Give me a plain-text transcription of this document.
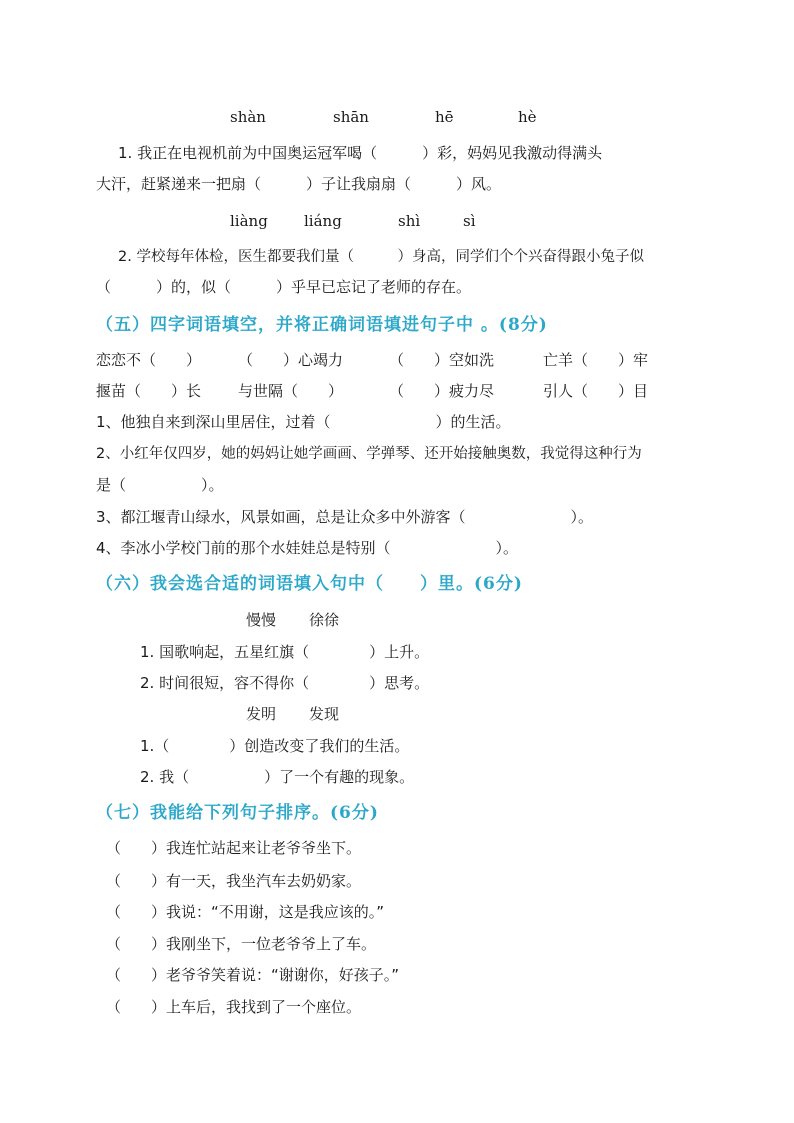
shàn	shān	hē	hè
1. 我正在电视机前为中国奥运冠军喝（　　　）彩，妈妈见我激动得满头
大汗，赶紧递来一把扇（　　　）子让我扇扇（　　　）风。
liàng liáng	shì	sì
2. 学校每年体检，医生都要我们量（　　　）身高，同学们个个兴奋得跟小兔子似
（　　　）的，似（　　　）乎早已忘记了老师的存在。
（五）四字词语填空，并将正确词语填进句子中 。(8分)
恋恋不（　　） （　　）心竭力	（　　）空如洗	亡羊（　　）牢
揠苗（　　）长 与世隔（　　）	（　　）疲力尽	引人（　　）目
1、他独自来到深山里居住，过着（　　　　　　　）的生活。
2、小红年仅四岁，她的妈妈让她学画画、学弹琴、还开始接触奥数，我觉得这种行为
是（　　　　　）。
3、都江堰青山绿水，风景如画，总是让众多中外游客（　　　　　　　）。
4、李冰小学校门前的那个水娃娃总是特别（　　　　　　　）。
（六）我会选合适的词语填入句中（　　）里。(6分)
慢慢 徐徐
1. 国歌响起，五星红旗（　　　　）上升。
2. 时间很短，容不得你（　　　　）思考。
发明 发现
1.（　　　　）创造改变了我们的生活。
2. 我（　　　　　）了一个有趣的现象。
（七）我能给下列句子排序。(6分)
（　　）我连忙站起来让老爷爷坐下。
（　　）有一天，我坐汽车去奶奶家。
（　　）我说：“不用谢，这是我应该的。”
（　　）我刚坐下，一位老爷爷上了车。
（　　）老爷爷笑着说：“谢谢你，好孩子。”
（　　）上车后，我找到了一个座位。
